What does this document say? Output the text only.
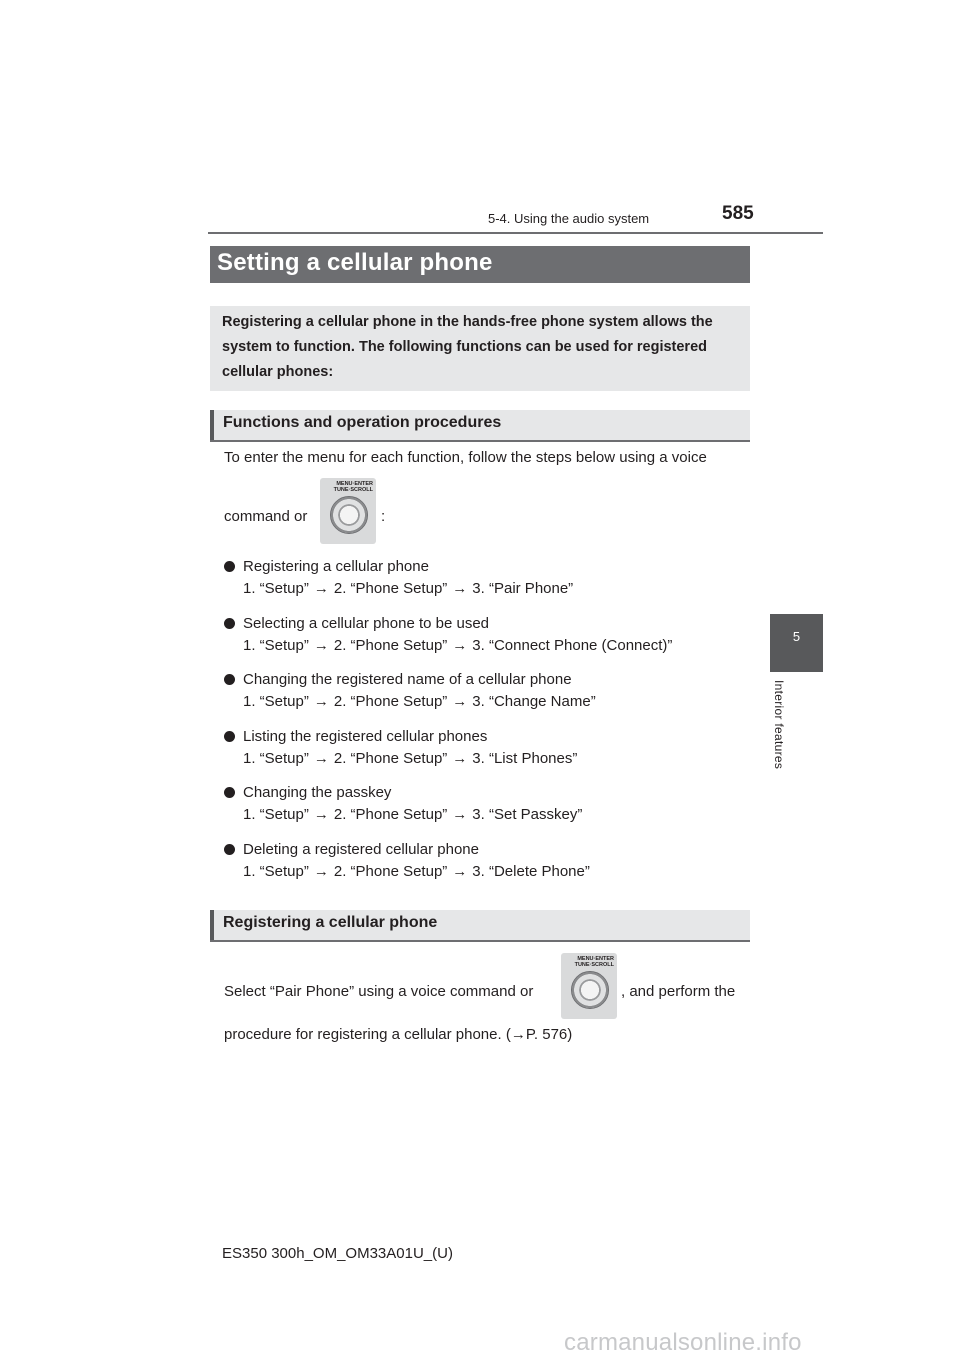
5-4. Using the audio system	585
5
Interior features
Setting a cellular phone

Registering a cellular phone in the hands-free phone system allows the system to function. The following functions can be used for registered cellular phones:

Functions and operation procedures
To enter the menu for each function, follow the steps below using a voice
command or
MENU·ENTER TUNE·SCROLL
:
Registering a cellular phone
1. “Setup” → 2. “Phone Setup” → 3. “Pair Phone”
Selecting a cellular phone to be used
1. “Setup” → 2. “Phone Setup” → 3. “Connect Phone (Connect)”
Changing the registered name of a cellular phone
1. “Setup” → 2. “Phone Setup” → 3. “Change Name”
Listing the registered cellular phones
1. “Setup” → 2. “Phone Setup” → 3. “List Phones”
Changing the passkey
1. “Setup” → 2. “Phone Setup” → 3. “Set Passkey”
Deleting a registered cellular phone
1. “Setup” → 2. “Phone Setup” → 3. “Delete Phone”
Registering a cellular phone
Select “Pair Phone” using a voice command or
MENU·ENTER TUNE·SCROLL
, and perform the
procedure for registering a cellular phone. (→P. 576)
ES350 300h_OM_OM33A01U_(U)
carmanualsonline.info
